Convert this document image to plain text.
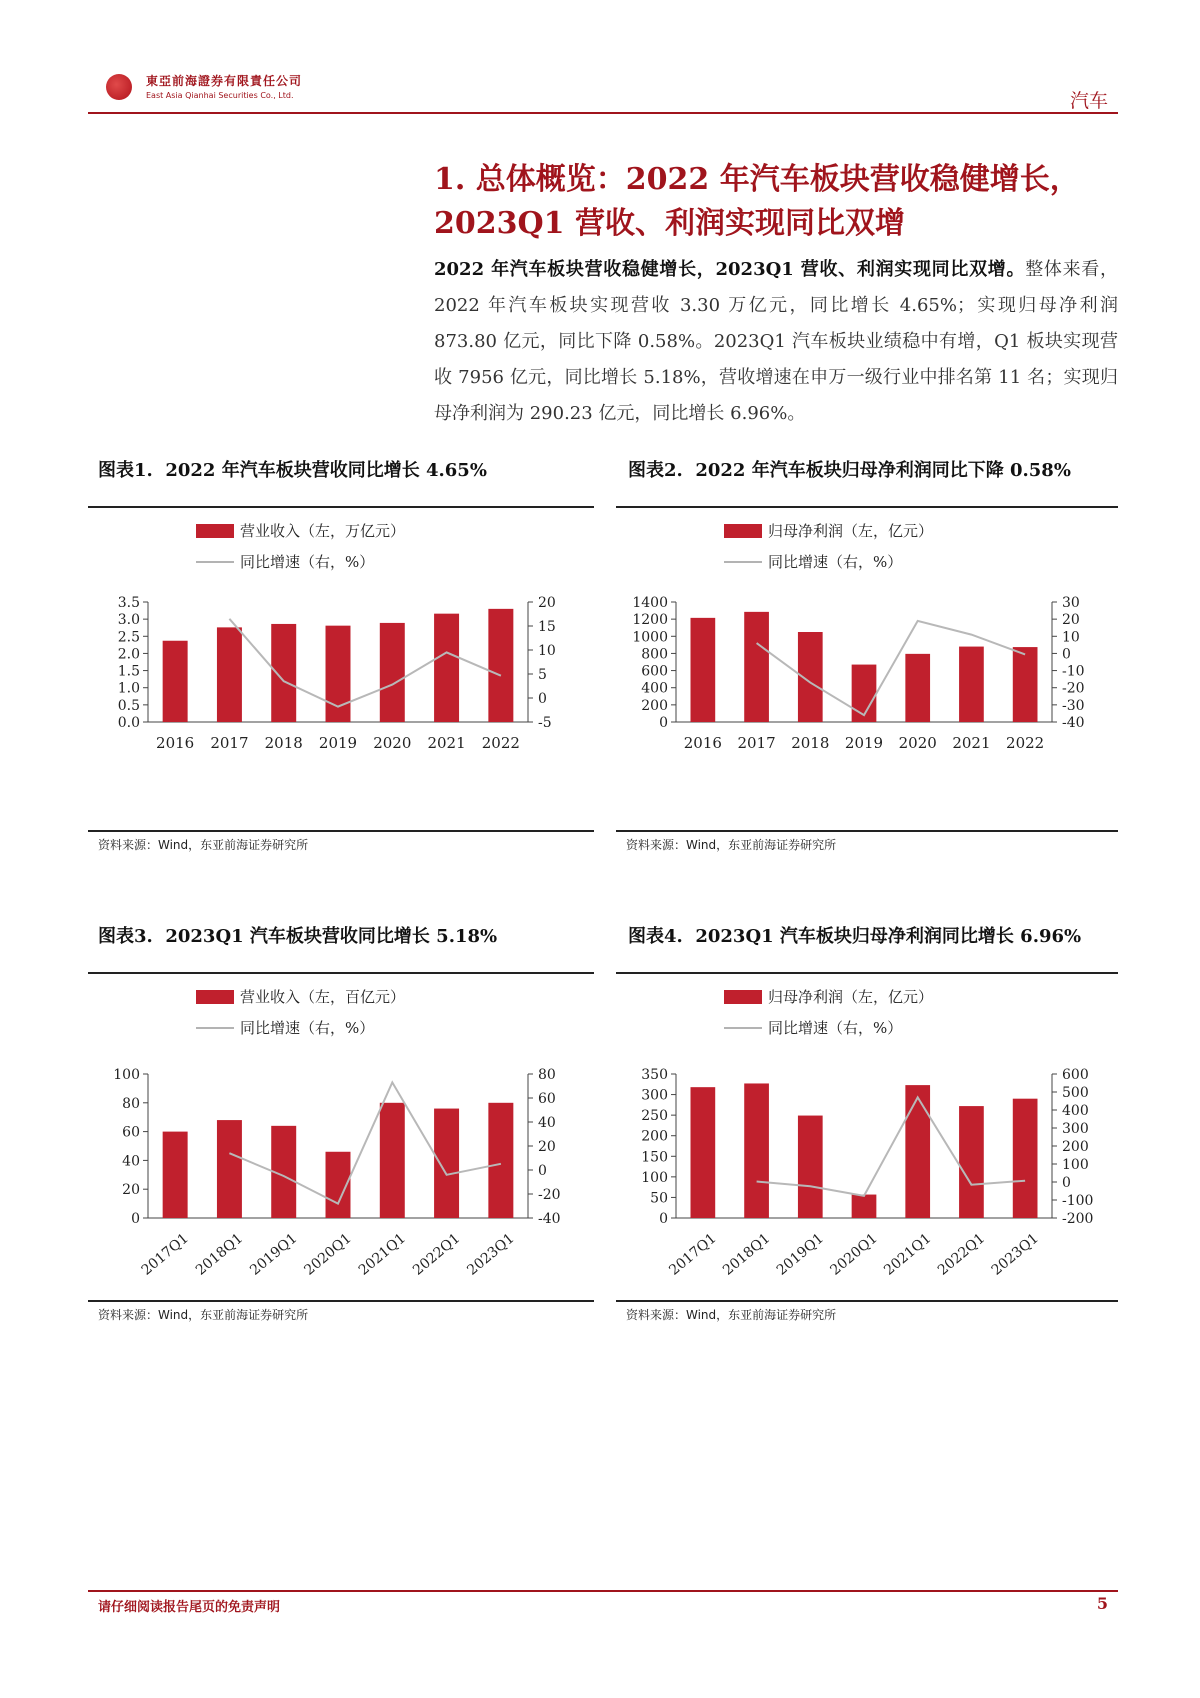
東亞前海證券有限責任公司
East Asia Qianhai Securities Co., Ltd.	汽车
1. 总体概览：2022 年汽车板块营收稳健增长，2023Q1 营收、利润实现同比双增
2022 年汽车板块营收稳健增长，2023Q1 营收、利润实现同比双增。整体来看，2022 年汽车板块实现营收 3.30 万亿元，同比增长 4.65%；实现归母净利润 873.80 亿元，同比下降 0.58%。2023Q1 汽车板块业绩稳中有增，Q1 板块实现营收 7956 亿元，同比增长 5.18%，营收增速在申万一级行业中排名第 11 名；实现归母净利润为 290.23 亿元，同比增长 6.96%。
图表1. 2022 年汽车板块营收同比增长 4.65%
营业收入（左，万亿元）
同比增速（右，%）
0.0
0.5
1.0
1.5
2.0
2.5
3.0
3.5
-5
0
5
10
15
20
2016 2017 2018 2019 2020 2021 2022
资料来源：Wind，东亚前海证券研究所
图表2. 2022 年汽车板块归母净利润同比下降 0.58%
归母净利润（左，亿元）
同比增速（右，%）
0
200
400
600
800
1000
1200
1400
-40
-30
-20
-10
0
10
20
30
2016 2017 2018 2019 2020 2021 2022
资料来源：Wind，东亚前海证券研究所
图表3. 2023Q1 汽车板块营收同比增长 5.18%
营业收入（左，百亿元）
同比增速（右，%）
0
20
40
60
80
100
-40
-20
0
20
40
60
80
2017Q1 2018Q1 2019Q1 2020Q1 2021Q1 2022Q1 2023Q1
资料来源：Wind，东亚前海证券研究所
图表4. 2023Q1 汽车板块归母净利润同比增长 6.96%
归母净利润（左，亿元）
同比增速（右，%）
0
50
100
150
200
250
300
350
-200
-100
0
100
200
300
400
500
600
2017Q1 2018Q1 2019Q1 2020Q1 2021Q1 2022Q1 2023Q1
资料来源：Wind，东亚前海证券研究所
请仔细阅读报告尾页的免责声明	5
